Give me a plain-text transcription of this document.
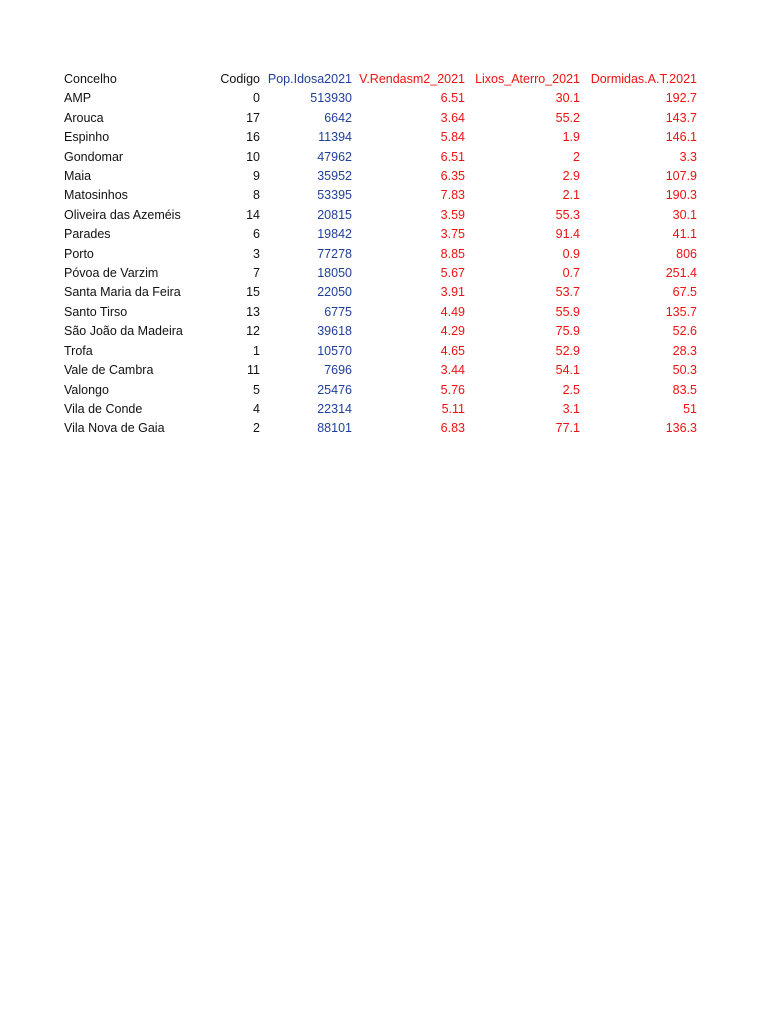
Concelho	Codigo	Pop.Idosa2021	V.Rendasm2_2021	Lixos_Aterro_2021	Dormidas.A.T.2021
AMP	0	513930	6.51	30.1	192.7
Arouca	17	6642	3.64	55.2	143.7
Espinho	16	11394	5.84	1.9	146.1
Gondomar	10	47962	6.51	2	3.3
Maia	9	35952	6.35	2.9	107.9
Matosinhos	8	53395	7.83	2.1	190.3
Oliveira das Azeméis	14	20815	3.59	55.3	30.1
Parades	6	19842	3.75	91.4	41.1
Porto	3	77278	8.85	0.9	806
Póvoa de Varzim	7	18050	5.67	0.7	251.4
Santa Maria da Feira	15	22050	3.91	53.7	67.5
Santo Tirso	13	6775	4.49	55.9	135.7
São João da Madeira	12	39618	4.29	75.9	52.6
Trofa	1	10570	4.65	52.9	28.3
Vale de Cambra	11	7696	3.44	54.1	50.3
Valongo	5	25476	5.76	2.5	83.5
Vila de Conde	4	22314	5.11	3.1	51
Vila Nova de Gaia	2	88101	6.83	77.1	136.3
